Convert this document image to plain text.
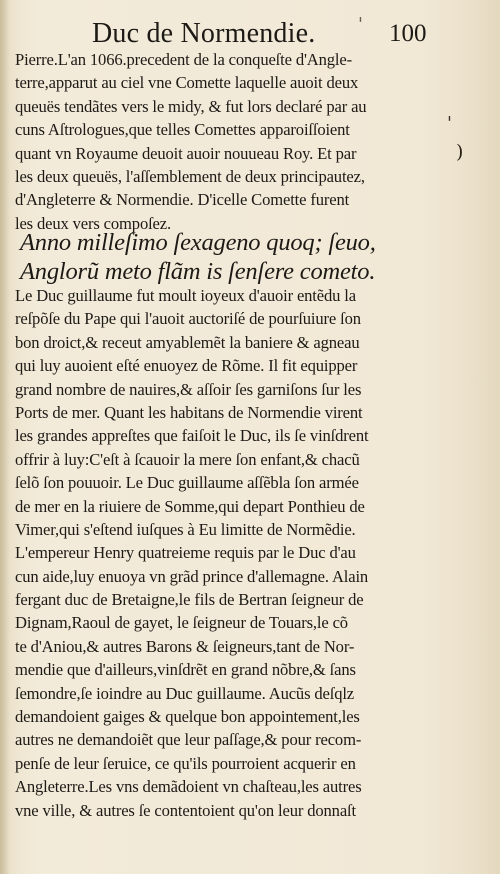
Duc de Normendie. ' 100
Pierre.L'an 1066.precedent de la conqueſte d'Angle-
terre,apparut au ciel vne Comette laquelle auoit deux
queuës tendãtes vers le midy, & fut lors declaré par au
cuns Aſtrologues,que telles Comettes apparoiſſoient
quant vn Royaume deuoit auoir nouueau Roy. Et par
les deux queuës, l'aſſemblement de deux principautez,
d'Angleterre & Normendie. D'icelle Comette furent
les deux vers compoſez.
Anno milleſimo ſexageno quoq; ſeuo,
Anglorũ meto flãm is ſenſere cometo.
Le Duc guillaume fut moult ioyeux d'auoir entẽdu la
reſpõſe du Pape qui l'auoit auctoriſé de pourſuiure ſon
bon droict,& receut amyablemẽt la baniere & agneau
qui luy auoient eſté enuoyez de Rõme. Il fit equipper
grand nombre de nauires,& aſſoir ſes garniſons ſur les
Ports de mer. Quant les habitans de Normendie virent
les grandes appreſtes que faiſoit le Duc, ils ſe vinſdrent
offrir à luy:C'eſt à ſcauoir la mere ſon enfant,& chacũ
ſelõ ſon pouuoir. Le Duc guillaume aſſẽbla ſon armée
de mer en la riuiere de Somme,qui depart Ponthieu de
Vimer,qui s'eſtend iuſques à Eu limitte de Normẽdie.
L'empereur Henry quatreieme requis par le Duc d'au
cun aide,luy enuoya vn grãd prince d'allemagne. Alain
fergant duc de Bretaigne,le fils de Bertran ſeigneur de
Dignam,Raoul de gayet, le ſeigneur de Touars,le cõ
te d'Aniou,& autres Barons & ſeigneurs,tant de Nor-
mendie que d'ailleurs,vinſdrẽt en grand nõbre,& ſans
ſemondre,ſe ioindre au Duc guillaume. Aucũs deſqlz
demandoient gaiges & quelque bon appointement,les
autres ne demandoiẽt que leur paſſage,& pour recom-
penſe de leur ſeruice, ce qu'ils pourroient acquerir en
Angleterre.Les vns demãdoient vn chaſteau,les autres
vne ville, & autres ſe contentoient qu'on leur donnaſt
'
)
